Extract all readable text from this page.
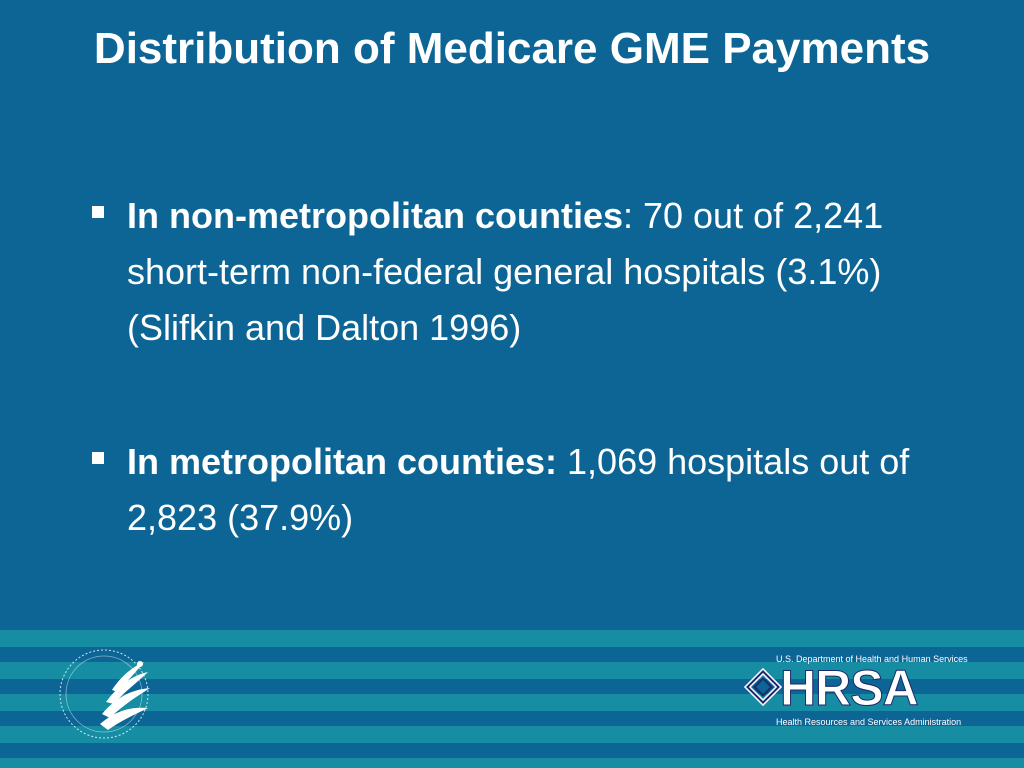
Distribution of Medicare GME Payments
In non-metropolitan counties: 70 out of 2,241 short-term non-federal general hospitals (3.1%) (Slifkin and Dalton 1996)
In metropolitan counties: 1,069 hospitals out of 2,823 (37.9%)
U.S. Department of Health and Human Services
HRSA
Health Resources and Services Administration
